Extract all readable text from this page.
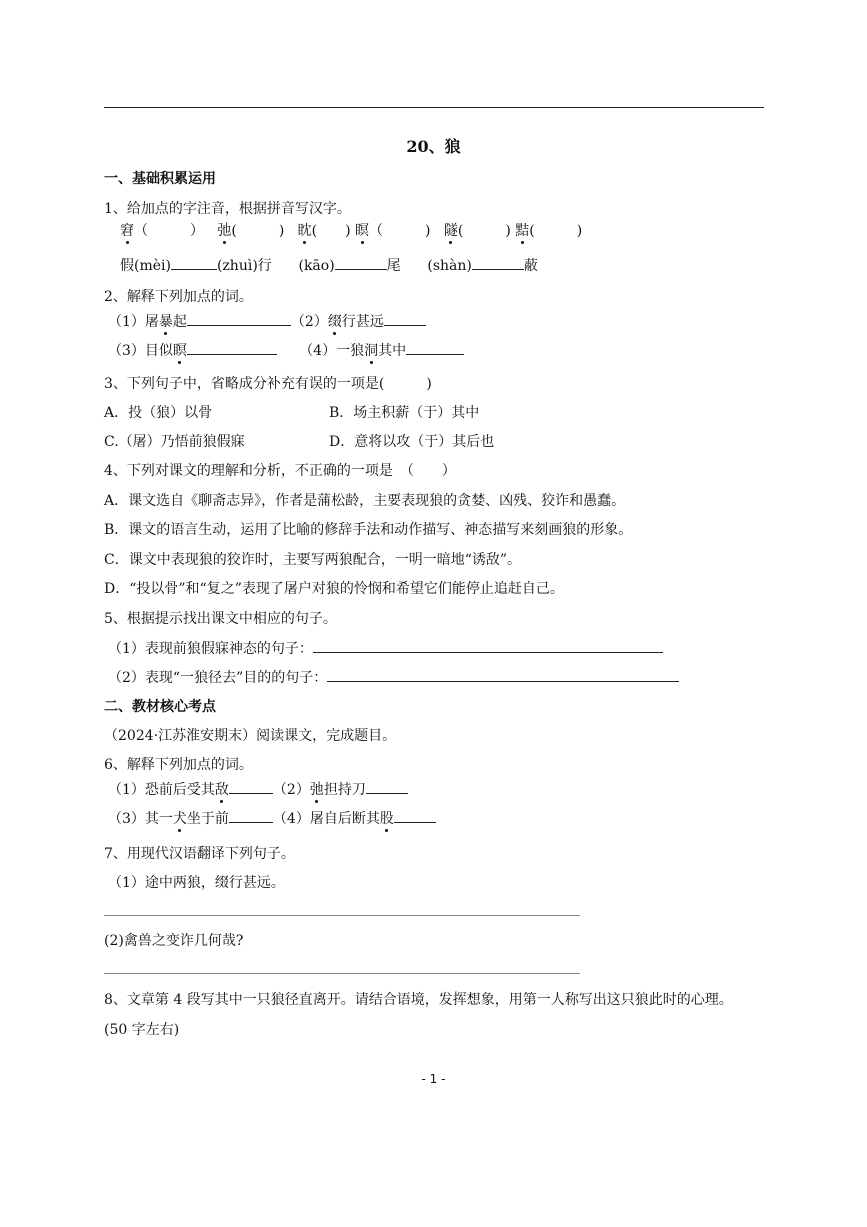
20、狼
一、基础积累运用
1、给加点的字注音，根据拼音写汉字。
窘（　　　） 弛(　　　) 眈(　　) 瞑（　　　) 隧(　　　) 黠(　　　)
假(mèi)	(zhuì)行 (kāo)	尾 (shàn)	蔽
2、解释下列加点的词。
（1）屠暴起	（2）缀行甚远
（3）目似瞑	（4）一狼洞其中
3、下列句子中，省略成分补充有误的一项是(　　　)
A．投（狼）以骨	B．场主积薪（于）其中
C.（屠）乃悟前狼假寐	D．意将以攻（于）其后也
4、下列对课文的理解和分析，不正确的一项是　（　　）
A．课文选自《聊斋志异》，作者是蒲松龄，主要表现狼的贪婪、凶残、狡诈和愚蠢。
B．课文的语言生动，运用了比喻的修辞手法和动作描写、神态描写来刻画狼的形象。
C．课文中表现狼的狡诈时，主要写两狼配合，一明一暗地“诱敌”。
D．“投以骨”和“复之”表现了屠户对狼的怜悯和希望它们能停止追赶自己。
5、根据提示找出课文中相应的句子。
（1）表现前狼假寐神态的句子：
（2）表现“一狼径去”目的的句子：
二、教材核心考点
（2024·江苏淮安期末）阅读课文，完成题目。
6、解释下列加点的词。
（1）恐前后受其敌	（2）弛担持刀
（3）其一犬坐于前	（4）屠自后断其股
7、用现代汉语翻译下列句子。
（1）途中两狼，缀行甚远。
(2)禽兽之变诈几何哉?
8、文章第 4 段写其中一只狼径直离开。请结合语境，发挥想象，用第一人称写出这只狼此时的心理。
(50 字左右)
- 1 -
